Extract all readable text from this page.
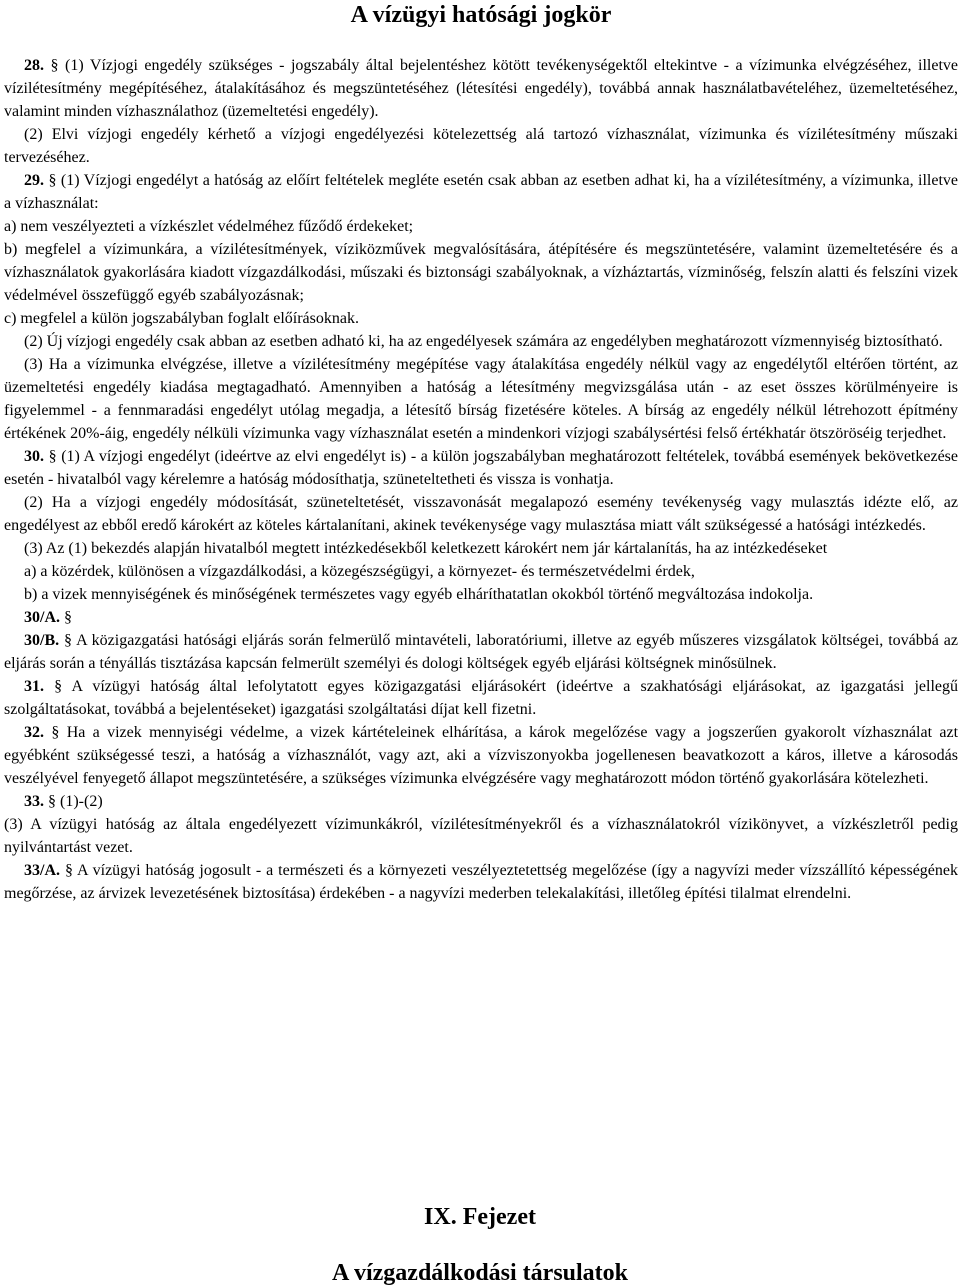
A vízügyi hatósági jogkör

28. § (1) Vízjogi engedély szükséges - jogszabály által bejelentéshez kötött tevékenységektől eltekintve - a vízimunka elvégzéséhez, illetve vízilétesítmény megépítéséhez, átalakításához és megszüntetéséhez (létesítési engedély), továbbá annak használatbavételéhez, üzemeltetéséhez, valamint minden vízhasználathoz (üzemeltetési engedély).

(2) Elvi vízjogi engedély kérhető a vízjogi engedélyezési kötelezettség alá tartozó vízhasználat, vízimunka és vízilétesítmény műszaki tervezéséhez.

29. § (1) Vízjogi engedélyt a hatóság az előírt feltételek megléte esetén csak abban az esetben adhat ki, ha a vízilétesítmény, a vízimunka, illetve a vízhasználat:

a) nem veszélyezteti a vízkészlet védelméhez fűződő érdekeket;

b) megfelel a vízimunkára, a vízilétesítmények, víziközművek megvalósítására, átépítésére és megszüntetésére, valamint üzemeltetésére és a vízhasználatok gyakorlására kiadott vízgazdálkodási, műszaki és biztonsági szabályoknak, a vízháztartás, vízminőség, felszín alatti és felszíni vizek védelmével összefüggő egyéb szabályozásnak;

c) megfelel a külön jogszabályban foglalt előírásoknak.

(2) Új vízjogi engedély csak abban az esetben adható ki, ha az engedélyesek számára az engedélyben meghatározott vízmennyiség biztosítható.

(3) Ha a vízimunka elvégzése, illetve a vízilétesítmény megépítése vagy átalakítása engedély nélkül vagy az engedélytől eltérően történt, az üzemeltetési engedély kiadása megtagadható. Amennyiben a hatóság a létesítmény megvizsgálása után - az eset összes körülményeire is figyelemmel - a fennmaradási engedélyt utólag megadja, a létesítő bírság fizetésére köteles. A bírság az engedély nélkül létrehozott építmény értékének 20%-áig, engedély nélküli vízimunka vagy vízhasználat esetén a mindenkori vízjogi szabálysértési felső értékhatár ötszöröséig terjedhet.

30. § (1) A vízjogi engedélyt (ideértve az elvi engedélyt is) - a külön jogszabályban meghatározott feltételek, továbbá események bekövetkezése esetén - hivatalból vagy kérelemre a hatóság módosíthatja, szüneteltetheti és vissza is vonhatja.

(2) Ha a vízjogi engedély módosítását, szüneteltetését, visszavonását megalapozó esemény tevékenység vagy mulasztás idézte elő, az engedélyest az ebből eredő károkért az köteles kártalanítani, akinek tevékenysége vagy mulasztása miatt vált szükségessé a hatósági intézkedés.

(3) Az (1) bekezdés alapján hivatalból megtett intézkedésekből keletkezett károkért nem jár kártalanítás, ha az intézkedéseket

a) a közérdek, különösen a vízgazdálkodási, a közegészségügyi, a környezet- és természetvédelmi érdek,

b) a vizek mennyiségének és minőségének természetes vagy egyéb elháríthatatlan okokból történő megváltozása indokolja.

30/A. §

30/B. § A közigazgatási hatósági eljárás során felmerülő mintavételi, laboratóriumi, illetve az egyéb műszeres vizsgálatok költségei, továbbá az eljárás során a tényállás tisztázása kapcsán felmerült személyi és dologi költségek egyéb eljárási költségnek minősülnek.

31. § A vízügyi hatóság által lefolytatott egyes közigazgatási eljárásokért (ideértve a szakhatósági eljárásokat, az igazgatási jellegű szolgáltatásokat, továbbá a bejelentéseket) igazgatási szolgáltatási díjat kell fizetni.

32. § Ha a vizek mennyiségi védelme, a vizek kártételeinek elhárítása, a károk megelőzése vagy a jogszerűen gyakorolt vízhasználat azt egyébként szükségessé teszi, a hatóság a vízhasználót, vagy azt, aki a vízviszonyokba jogellenesen beavatkozott a káros, illetve a károsodás veszélyével fenyegető állapot megszüntetésére, a szükséges vízimunka elvégzésére vagy meghatározott módon történő gyakorlására kötelezheti.

33. § (1)-(2)

(3) A vízügyi hatóság az általa engedélyezett vízimunkákról, vízilétesítményekről és a vízhasználatokról vízikönyvet, a vízkészletről pedig nyilvántartást vezet.

33/A. § A vízügyi hatóság jogosult - a természeti és a környezeti veszélyeztetettség megelőzése (így a nagyvízi meder vízszállító képességének megőrzése, az árvizek levezetésének biztosítása) érdekében - a nagyvízi mederben telekalakítási, illetőleg építési tilalmat elrendelni.

IX. Fejezet
A vízgazdálkodási társulatok
